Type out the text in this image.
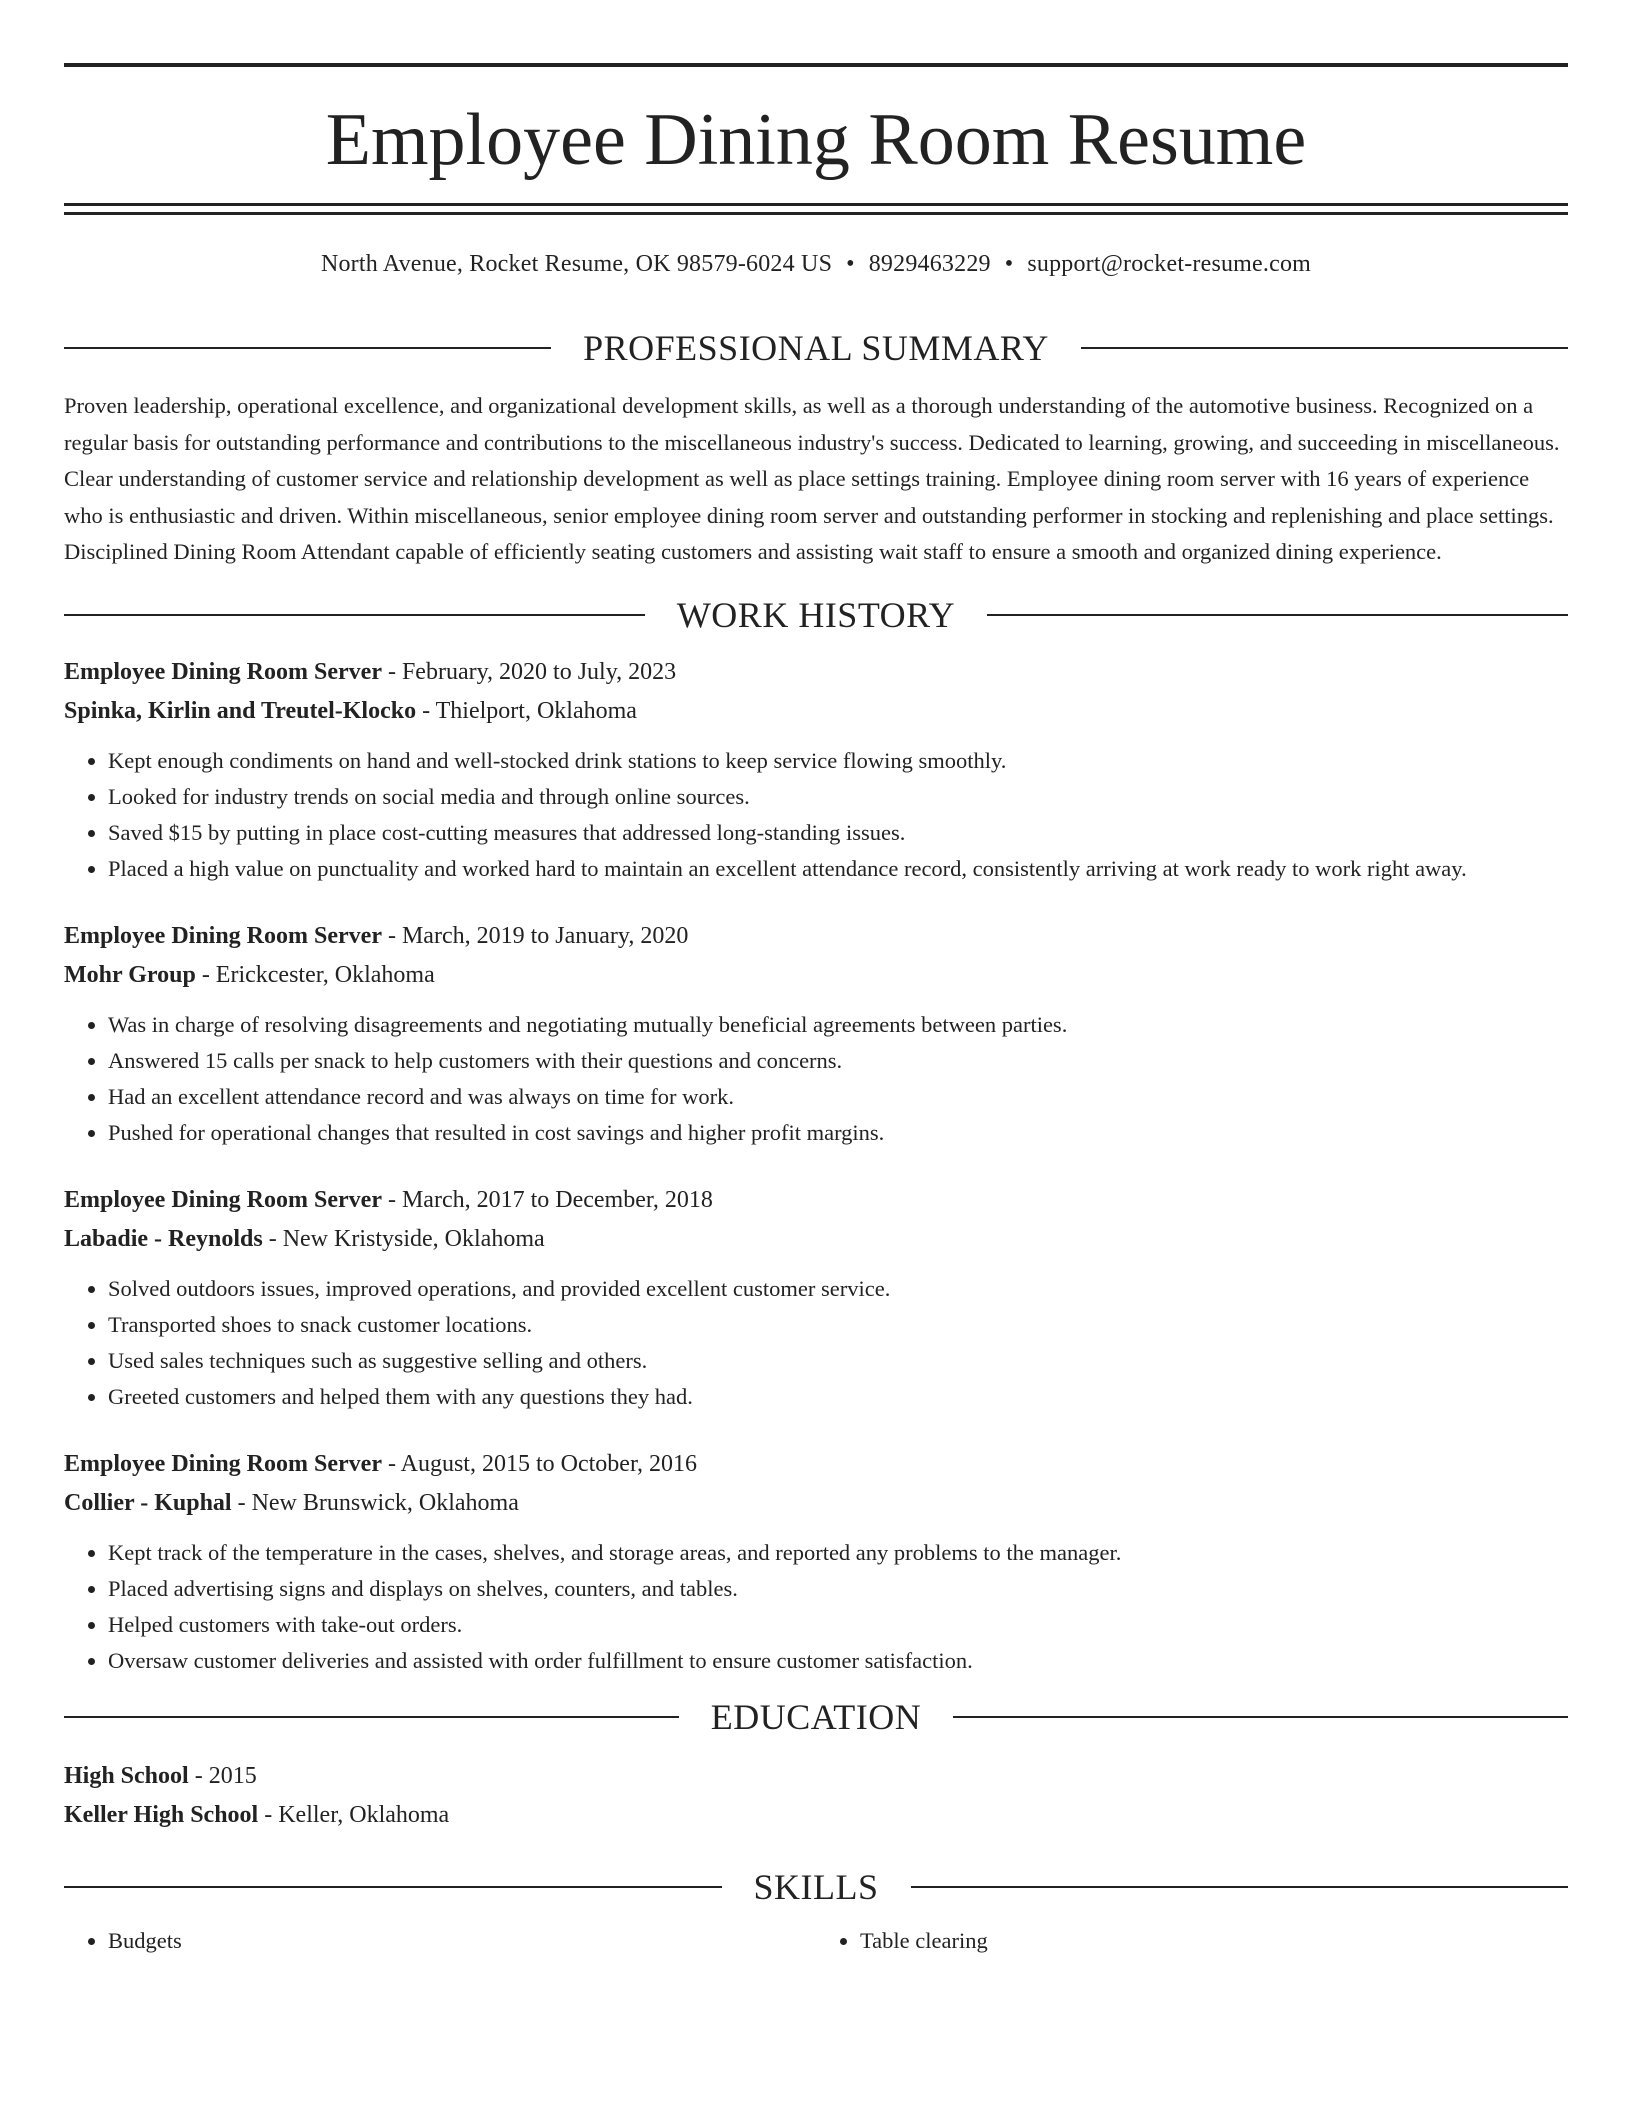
Employee Dining Room Resume
North Avenue, Rocket Resume, OK 98579-6024 US • 8929463229 • support@rocket-resume.com
PROFESSIONAL SUMMARY

Proven leadership, operational excellence, and organizational development skills, as well as a thorough understanding of the automotive business. Recognized on a regular basis for outstanding performance and contributions to the miscellaneous industry's success. Dedicated to learning, growing, and succeeding in miscellaneous. Clear understanding of customer service and relationship development as well as place settings training. Employee dining room server with 16 years of experience who is enthusiastic and driven. Within miscellaneous, senior employee dining room server and outstanding performer in stocking and replenishing and place settings. Disciplined Dining Room Attendant capable of efficiently seating customers and assisting wait staff to ensure a smooth and organized dining experience.

WORK HISTORY
Employee Dining Room Server - February, 2020 to July, 2023
Spinka, Kirlin and Treutel-Klocko - Thielport, Oklahoma
• Kept enough condiments on hand and well-stocked drink stations to keep service flowing smoothly.
• Looked for industry trends on social media and through online sources.
• Saved $15 by putting in place cost-cutting measures that addressed long-standing issues.
• Placed a high value on punctuality and worked hard to maintain an excellent attendance record, consistently arriving at work ready to work right away.
Employee Dining Room Server - March, 2019 to January, 2020
Mohr Group - Erickcester, Oklahoma
• Was in charge of resolving disagreements and negotiating mutually beneficial agreements between parties.
• Answered 15 calls per snack to help customers with their questions and concerns.
• Had an excellent attendance record and was always on time for work.
• Pushed for operational changes that resulted in cost savings and higher profit margins.
Employee Dining Room Server - March, 2017 to December, 2018
Labadie - Reynolds - New Kristyside, Oklahoma
• Solved outdoors issues, improved operations, and provided excellent customer service.
• Transported shoes to snack customer locations.
• Used sales techniques such as suggestive selling and others.
• Greeted customers and helped them with any questions they had.
Employee Dining Room Server - August, 2015 to October, 2016
Collier - Kuphal - New Brunswick, Oklahoma
• Kept track of the temperature in the cases, shelves, and storage areas, and reported any problems to the manager.
• Placed advertising signs and displays on shelves, counters, and tables.
• Helped customers with take-out orders.
• Oversaw customer deliveries and assisted with order fulfillment to ensure customer satisfaction.
EDUCATION
High School - 2015
Keller High School - Keller, Oklahoma
SKILLS
• Budgets
•	Table clearing
